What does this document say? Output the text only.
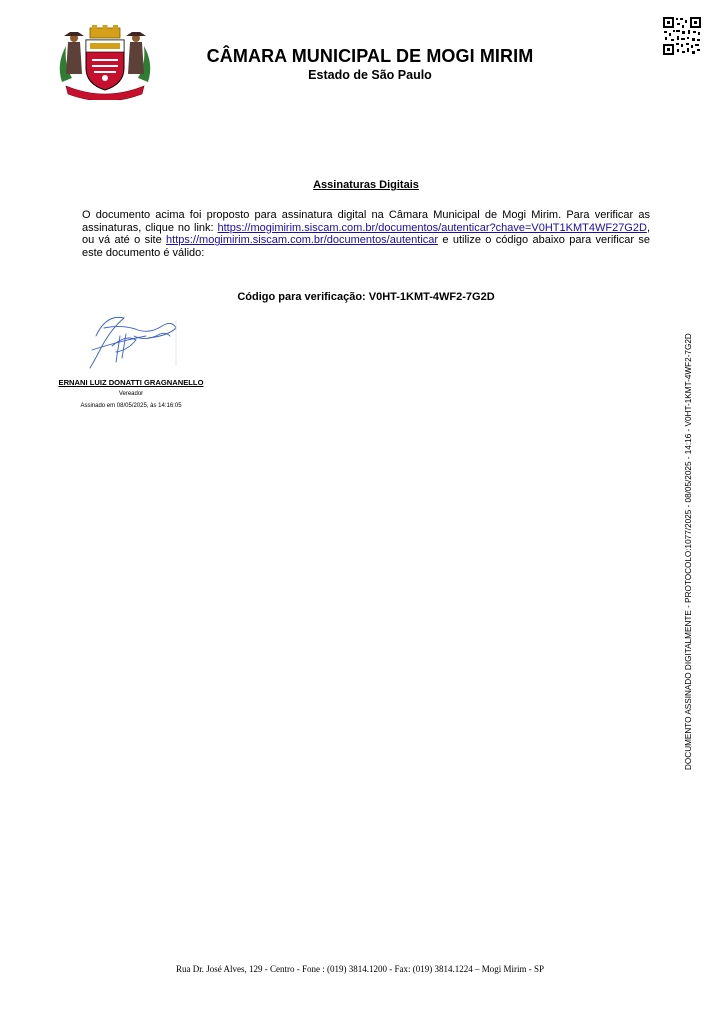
CÂMARA MUNICIPAL DE MOGI MIRIM
Estado de São Paulo
Assinaturas Digitais
O documento acima foi proposto para assinatura digital na Câmara Municipal de Mogi Mirim. Para verificar as assinaturas, clique no link: https://mogimirim.siscam.com.br/documentos/autenticar?chave=V0HT1KMT4WF27G2D, ou vá até o site https://mogimirim.siscam.com.br/documentos/autenticar e utilize o código abaixo para verificar se este documento é válido:
Código para verificação: V0HT-1KMT-4WF2-7G2D
ERNANI LUIZ DONATTI GRAGNANELLO
Vereador
Assinado em 08/05/2025, às 14:16:05	DOCUMENTO ASSINADO DIGITALMENTE - PROTOCOLO:1077/2025 - 08/05/2025 - 14:16 - V0HT-1KMT-4WF2-7G2D
Rua Dr. José Alves, 129 - Centro - Fone : (019) 3814.1200 - Fax: (019) 3814.1224 – Mogi Mirim - SP
